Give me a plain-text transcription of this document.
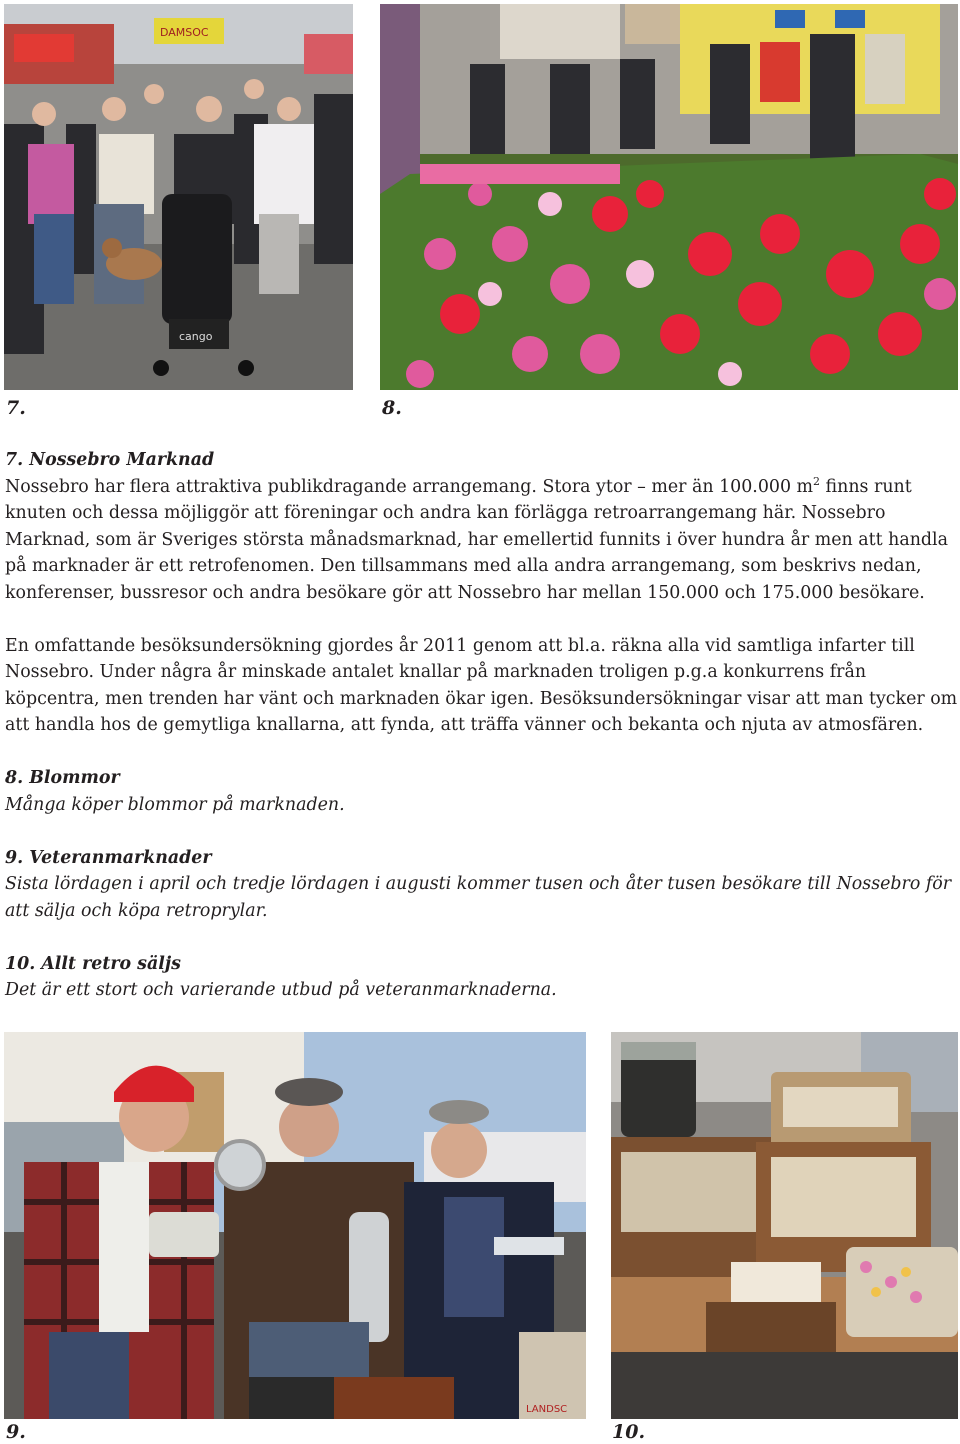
DAMSOC
cango
7.	8.

7. Nossebro Marknad

Nossebro har flera attraktiva publikdragande arrangemang. Stora ytor – mer än 100.000 $m^2$ finns runt knuten och dessa möjliggör att föreningar och andra kan förlägga retroarrangemang här. Nossebro Marknad, som är Sveriges största månadsmarknad, har emellertid funnits i över hundra år men att handla på marknader är ett retrofenomen. Den tillsammans med alla andra arrangemang, som beskrivs nedan, konferenser, bussresor och andra besökare gör att Nossebro har mellan 150.000 och 175.000 besökare.

En omfattande besöksundersökning gjordes år 2011 genom att bl.a. räkna alla vid samtliga infarter till Nossebro. Under några år minskade antalet knallar på marknaden troligen p.g.a konkurrens från köpcentra, men trenden har vänt och marknaden ökar igen. Besöksundersökningar visar att man tycker om att handla hos de gemytliga knallarna, att fynda, att träffa vänner och bekanta och njuta av atmosfären.

8. Blommor

Många köper blommor på marknaden.

9. Veteranmarknader

Sista lördagen i april och tredje lördagen i augusti kommer tusen och åter tusen besökare till Nossebro för att sälja och köpa retroprylar.

10. Allt retro säljs

Det är ett stort och varierande utbud på veteranmarknaderna.

LANDSC
9.	10.
